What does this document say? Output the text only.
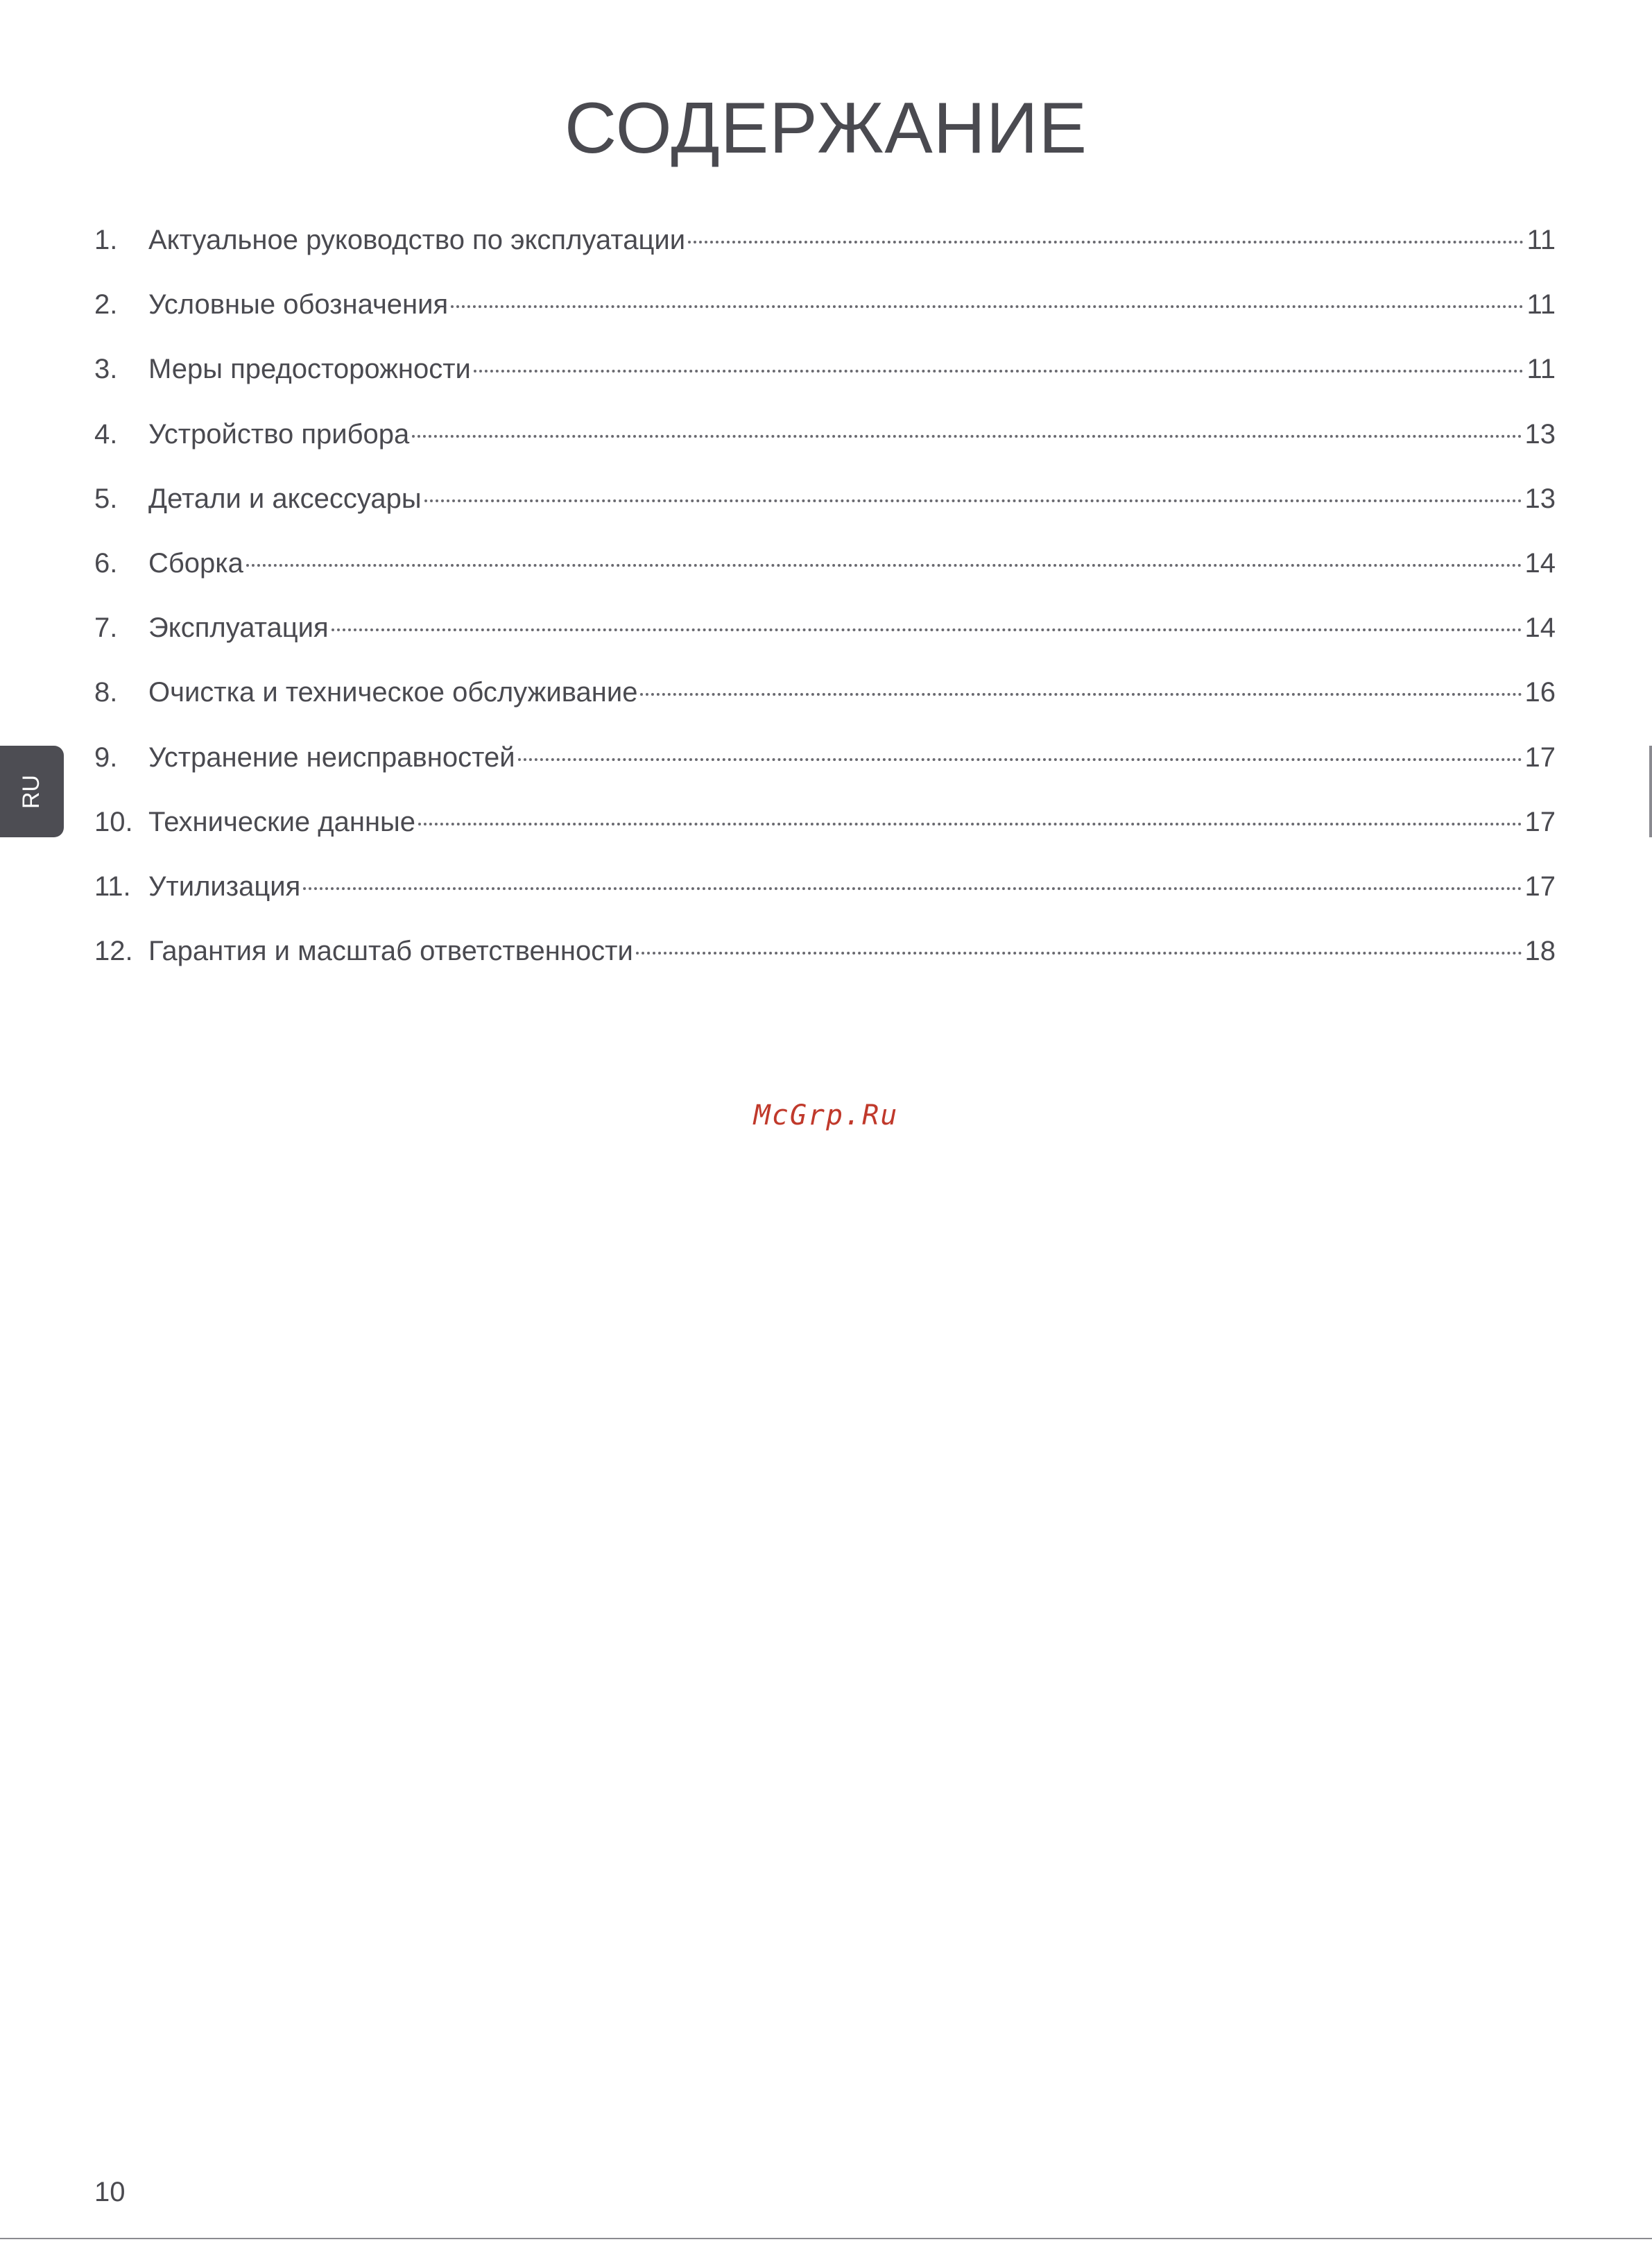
СОДЕРЖАНИЕ
1.	Актуальное руководство по эксплуатации	11
2.	Условные обозначения	11
3.	Меры предосторожности	11
4.	Устройство прибора	13
5.	Детали и аксессуары	13
6.	Сборка	14
7.	Эксплуатация	14
8.	Очистка и техническое обслуживание	16
9.	Устранение неисправностей	17
10. Технические данные	17
11. Утилизация	17
12. Гарантия и масштаб ответственности	18
RU
McGrp.Ru
10
